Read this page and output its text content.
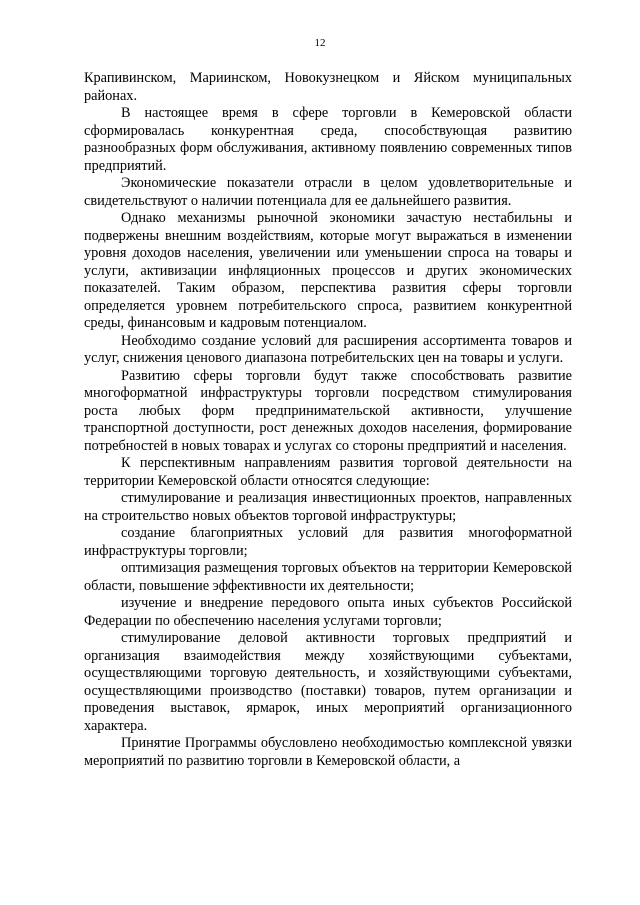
12

Крапивинском, Мариинском, Новокузнецком и Яйском муниципальных районах.

В настоящее время в сфере торговли в Кемеровской области сформировалась конкурентная среда, способствующая развитию разнообразных форм обслуживания, активному появлению современных типов предприятий.

Экономические показатели отрасли в целом удовлетворительные и свидетельствуют о наличии потенциала для ее дальнейшего развития.

Однако механизмы рыночной экономики зачастую нестабильны и подвержены внешним воздействиям, которые могут выражаться в изменении уровня доходов населения, увеличении или уменьшении спроса на товары и услуги, активизации инфляционных процессов и других экономических показателей. Таким образом, перспектива развития сферы торговли определяется уровнем потребительского спроса, развитием конкурентной среды, финансовым и кадровым потенциалом.

Необходимо создание условий для расширения ассортимента товаров и услуг, снижения ценового диапазона потребительских цен на товары и услуги.

Развитию сферы торговли будут также способствовать развитие многоформатной инфраструктуры торговли посредством стимулирования роста любых форм предпринимательской активности, улучшение транспортной доступности, рост денежных доходов населения, формирование потребностей в новых товарах и услугах со стороны предприятий и населения.

К перспективным направлениям развития торговой деятельности на территории Кемеровской области относятся следующие:

стимулирование и реализация инвестиционных проектов, направленных на строительство новых объектов торговой инфраструктуры;

создание благоприятных условий для развития многоформатной инфраструктуры торговли;

оптимизация размещения торговых объектов на территории Кемеровской области, повышение эффективности их деятельности;

изучение и внедрение передового опыта иных субъектов Российской Федерации по обеспечению населения услугами торговли;

стимулирование деловой активности торговых предприятий и организация взаимодействия между хозяйствующими субъектами, осуществляющими торговую деятельность, и хозяйствующими субъектами, осуществляющими производство (поставки) товаров, путем организации и проведения выставок, ярмарок, иных мероприятий организационного характера.

Принятие Программы обусловлено необходимостью комплексной увязки мероприятий по развитию торговли в Кемеровской области, а
